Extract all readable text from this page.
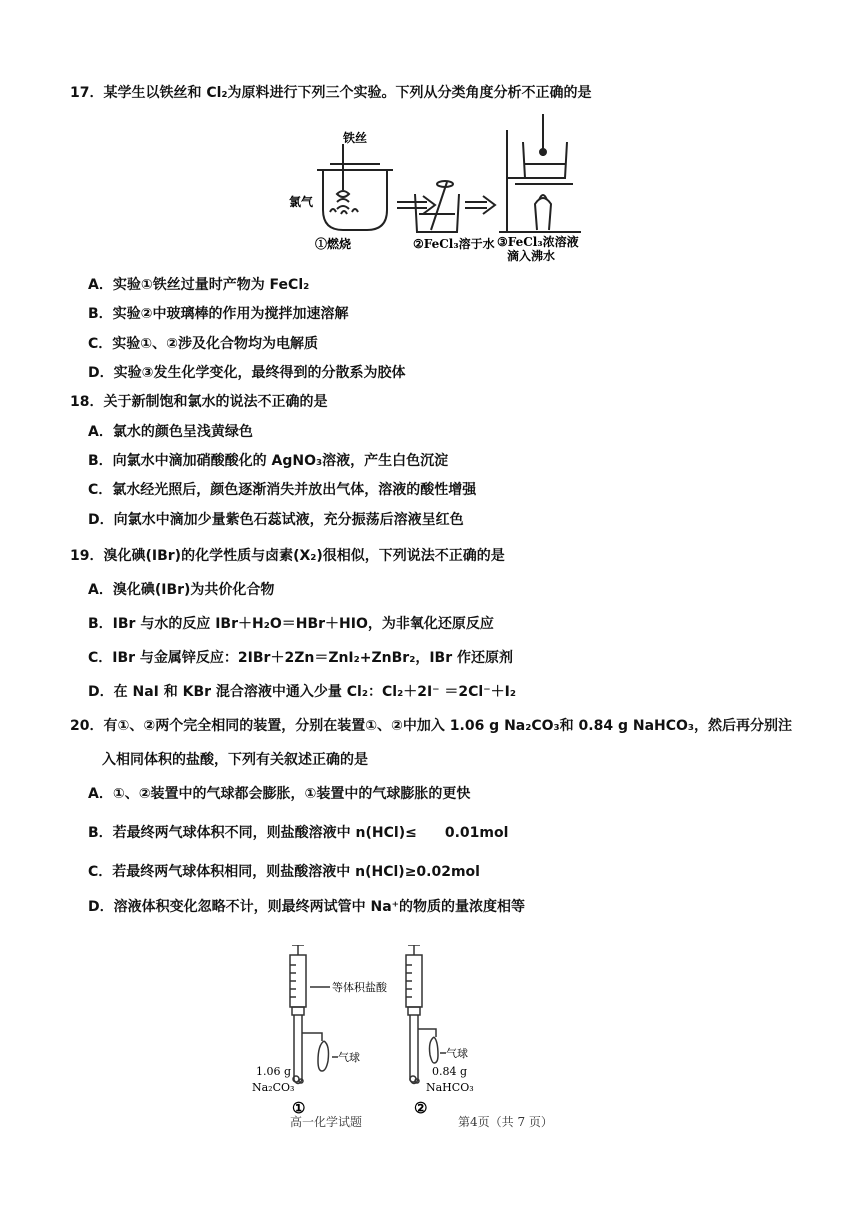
17．某学生以铁丝和 Cl₂为原料进行下列三个实验。下列从分类角度分析不正确的是
铁丝
氯气
①燃烧	②FeCl₃溶于水 ③FeCl₃浓溶液
滴入沸水
A．实验①铁丝过量时产物为 FeCl₂
B．实验②中玻璃棒的作用为搅拌加速溶解
C．实验①、②涉及化合物均为电解质
D．实验③发生化学变化，最终得到的分散系为胶体
18．关于新制饱和氯水的说法不正确的是
A．氯水的颜色呈浅黄绿色
B．向氯水中滴加硝酸酸化的 AgNO₃溶液，产生白色沉淀
C．氯水经光照后，颜色逐渐消失并放出气体，溶液的酸性增强
D．向氯水中滴加少量紫色石蕊试液，充分振荡后溶液呈红色
19．溴化碘(IBr)的化学性质与卤素(X₂)很相似，下列说法不正确的是
A．溴化碘(IBr)为共价化合物
B．IBr 与水的反应 IBr＋H₂O＝HBr＋HIO，为非氧化还原反应
C．IBr 与金属锌反应：2IBr＋2Zn＝ZnI₂+ZnBr₂，IBr 作还原剂
D．在 NaI 和 KBr 混合溶液中通入少量 Cl₂：Cl₂＋2I⁻ ＝2Cl⁻＋I₂
20．有①、②两个完全相同的装置，分别在装置①、②中加入 1.06 g Na₂CO₃和 0.84 g NaHCO₃，然后再分别注
入相同体积的盐酸，下列有关叙述正确的是
A．①、②装置中的气球都会膨胀，①装置中的气球膨胀的更快
B．若最终两气球体积不同，则盐酸溶液中 n(HCl)≤　　0.01mol
C．若最终两气球体积相同，则盐酸溶液中 n(HCl)≥0.02mol
D．溶液体积变化忽略不计，则最终两试管中 Na⁺的物质的量浓度相等
等体积盐酸
气球	气球
1.06 g
Na₂CO₃
0.84 g
NaHCO₃
①	②
高一化学试题　　　　　　　　第4页（共 7 页）
